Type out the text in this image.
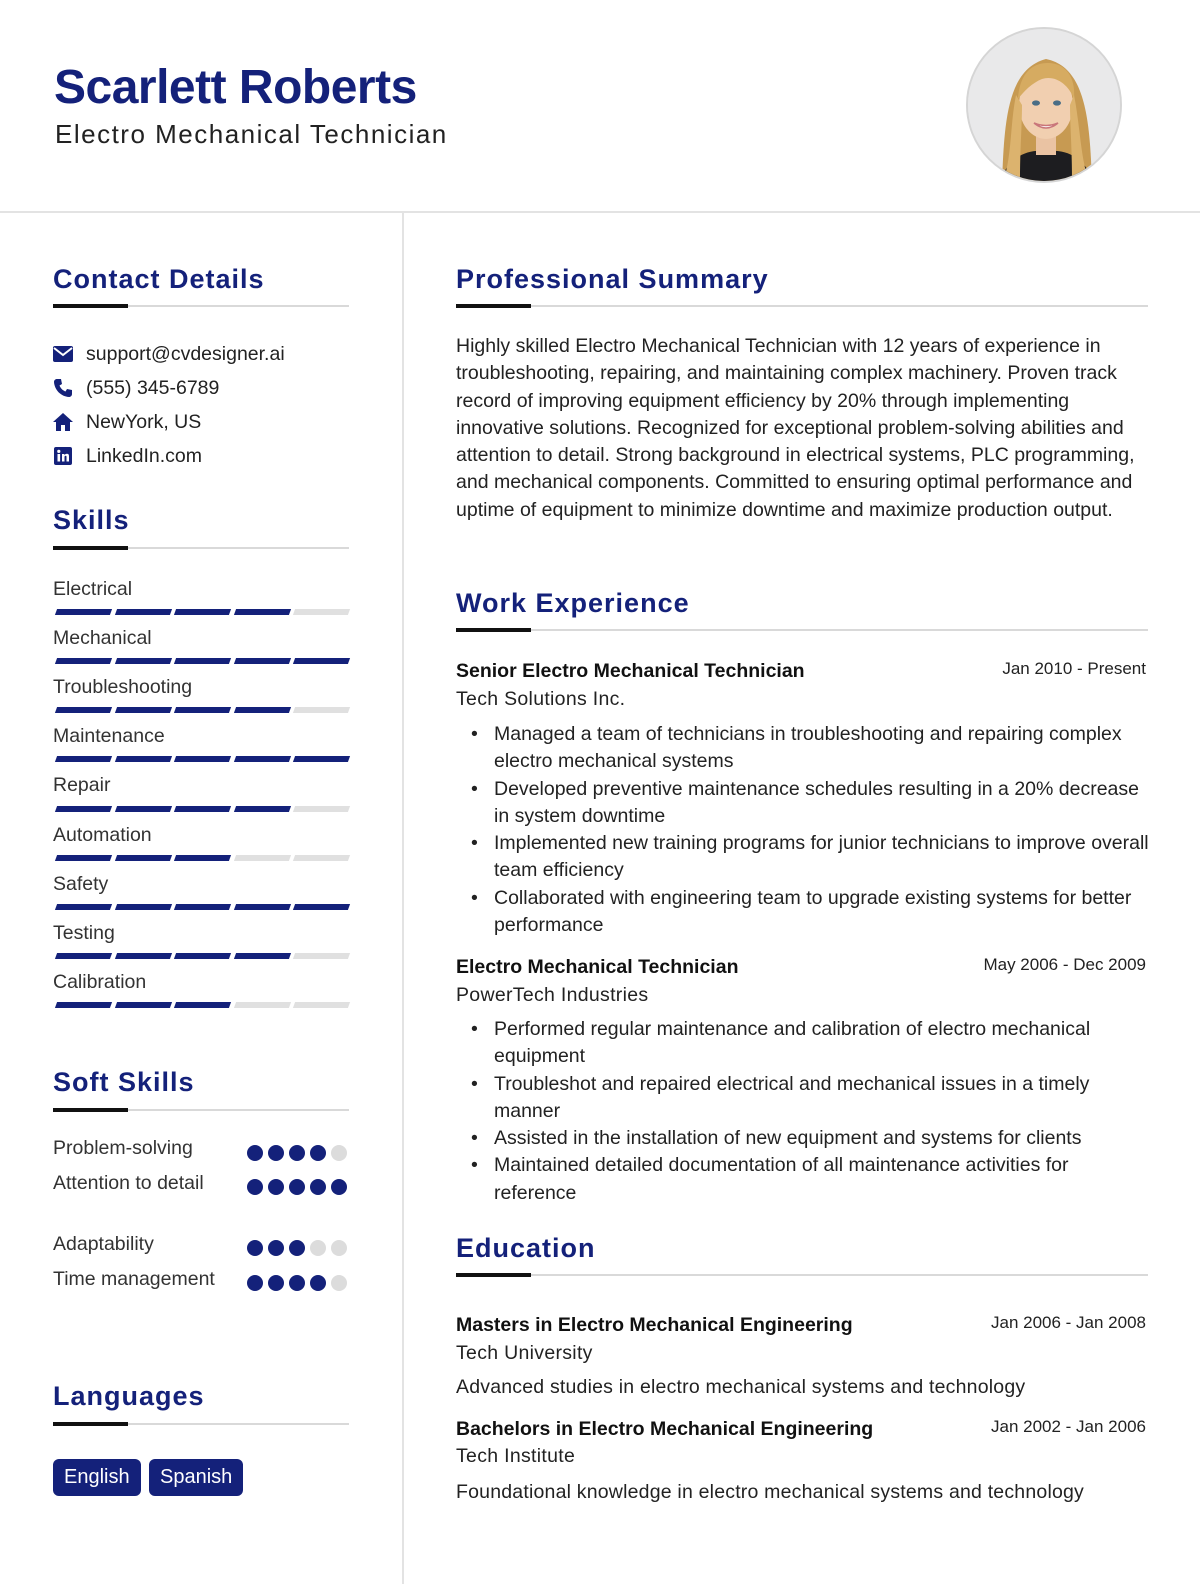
Scarlett Roberts
Electro Mechanical Technician
Contact Details
support@cvdesigner.ai
(555) 345-6789
NewYork, US
LinkedIn.com
Skills
Electrical
Mechanical
Troubleshooting
Maintenance
Repair
Automation
Safety
Testing
Calibration
Soft Skills
Problem-solving
Attention to detail
Adaptability
Time management
Languages
English	Spanish
Professional Summary
Highly skilled Electro Mechanical Technician with 12 years of experience in troubleshooting, repairing, and maintaining complex machinery. Proven track record of improving equipment efficiency by 20% through implementing innovative solutions. Recognized for exceptional problem-solving abilities and attention to detail. Strong background in electrical systems, PLC programming, and mechanical components. Committed to ensuring optimal performance and uptime of equipment to minimize downtime and maximize production output.
Work Experience
Senior Electro Mechanical Technician	Jan 2010 - Present
Tech Solutions Inc.
• Managed a team of technicians in troubleshooting and repairing complex electro mechanical systems
• Developed preventive maintenance schedules resulting in a 20% decrease in system downtime
• Implemented new training programs for junior technicians to improve overall team efficiency
• Collaborated with engineering team to upgrade existing systems for better performance
Electro Mechanical Technician	May 2006 - Dec 2009
PowerTech Industries
• Performed regular maintenance and calibration of electro mechanical equipment
• Troubleshot and repaired electrical and mechanical issues in a timely manner
• Assisted in the installation of new equipment and systems for clients
• Maintained detailed documentation of all maintenance activities for reference
Education
Masters in Electro Mechanical Engineering	Jan 2006 - Jan 2008
Tech University
Advanced studies in electro mechanical systems and technology
Bachelors in Electro Mechanical Engineering	Jan 2002 - Jan 2006
Tech Institute
Foundational knowledge in electro mechanical systems and technology
